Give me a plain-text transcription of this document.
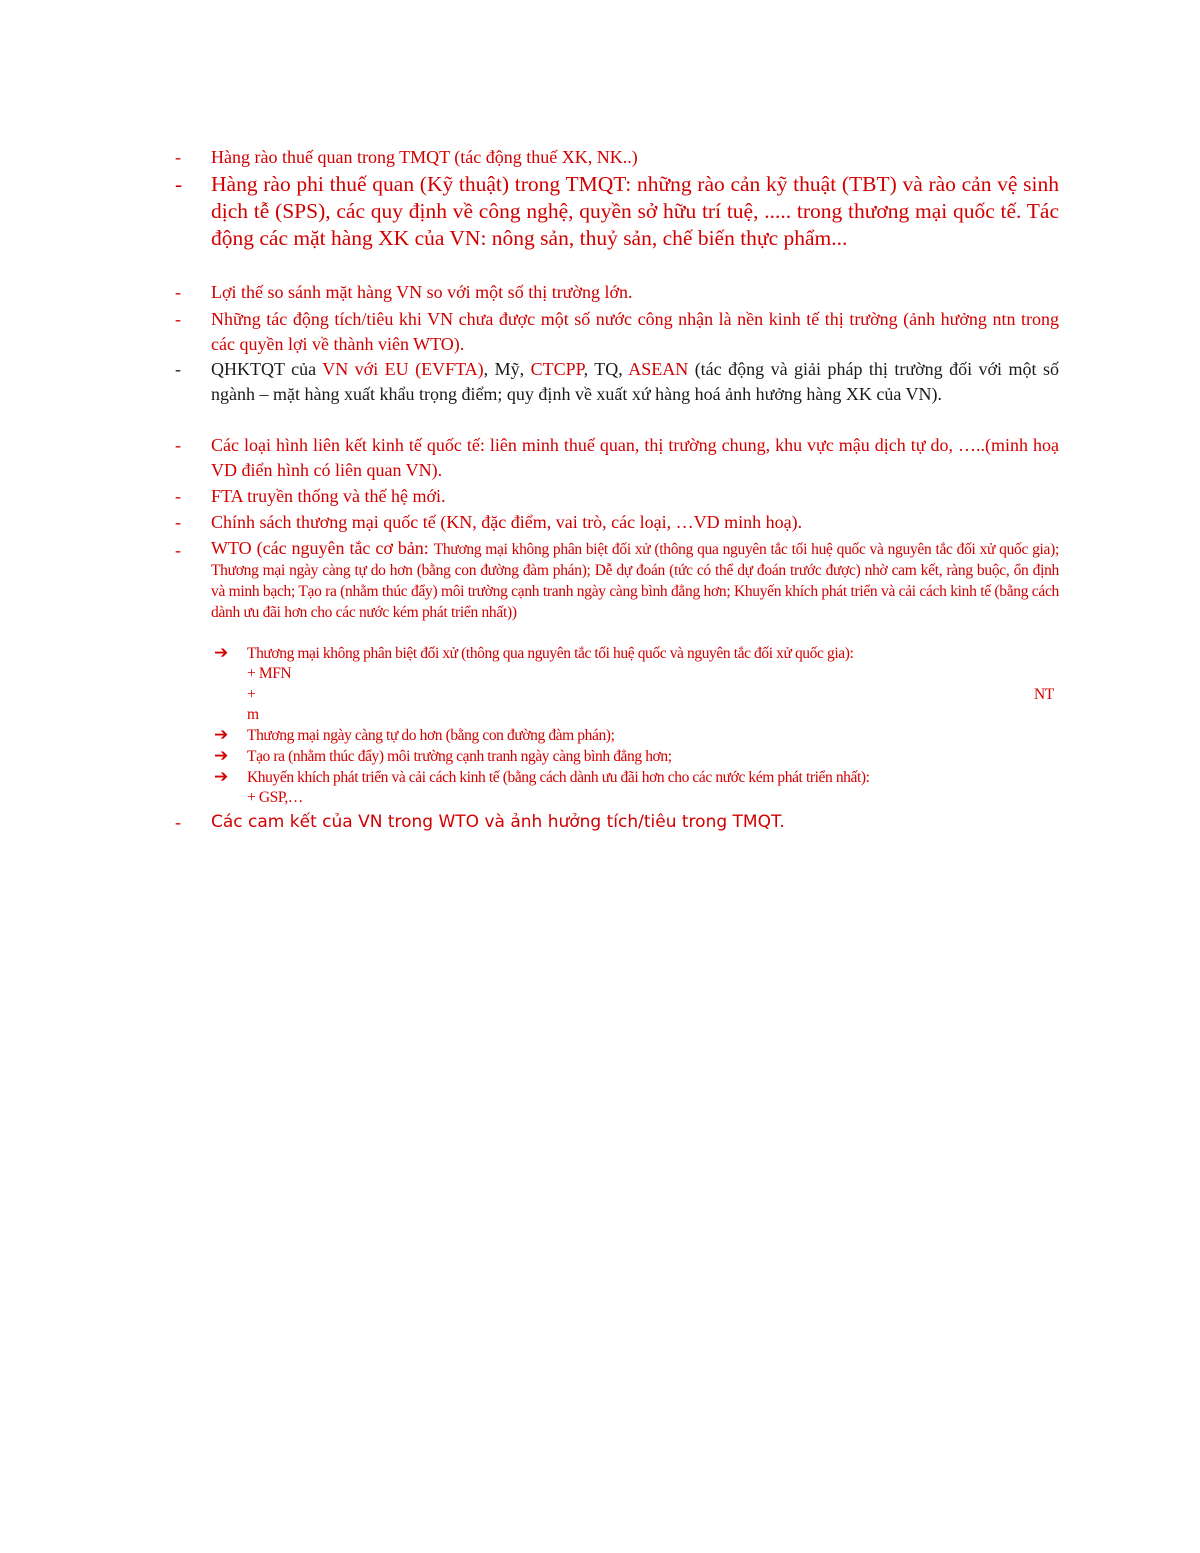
- Hàng rào thuế quan trong TMQT (tác động thuế XK, NK..)
- Hàng rào phi thuế quan (Kỹ thuật) trong TMQT: những rào cản kỹ thuật (TBT) và rào cản vệ sinh dịch tễ (SPS), các quy định về công nghệ, quyền sở hữu trí tuệ, ..... trong thương mại quốc tế. Tác động các mặt hàng XK của VN: nông sản, thuỷ sản, chế biến thực phẩm...
- Lợi thế so sánh mặt hàng VN so với một số thị trường lớn.
- Những tác động tích/tiêu khi VN chưa được một số nước công nhận là nền kinh tế thị trường (ảnh hưởng ntn trong các quyền lợi về thành viên WTO).
- QHKTQT của VN với EU (EVFTA), Mỹ, CTCPP, TQ, ASEAN (tác động và giải pháp thị trường đối với một số ngành – mặt hàng xuất khẩu trọng điểm; quy định về xuất xứ hàng hoá ảnh hưởng hàng XK của VN).
- Các loại hình liên kết kinh tế quốc tế: liên minh thuế quan, thị trường chung, khu vực mậu dịch tự do, …..(minh hoạ VD điển hình có liên quan VN).
- FTA truyền thống và thế hệ mới.
- Chính sách thương mại quốc tế (KN, đặc điểm, vai trò, các loại, …VD minh hoạ).
- WTO (các nguyên tắc cơ bản: Thương mại không phân biệt đối xử (thông qua nguyên tắc tối huệ quốc và nguyên tắc đối xử quốc gia); Thương mại ngày càng tự do hơn (bằng con đường đàm phán); Dễ dự đoán (tức có thể dự đoán trước được) nhờ cam kết, ràng buộc, ổn định và minh bạch; Tạo ra (nhằm thúc đẩy) môi trường cạnh tranh ngày càng bình đẳng hơn; Khuyến khích phát triển và cải cách kinh tế (bằng cách dành ưu đãi hơn cho các nước kém phát triển nhất))
➔ Thương mại không phân biệt đối xử (thông qua nguyên tắc tối huệ quốc và nguyên tắc đối xử quốc gia):
+ MFN
+	NT
m
➔ Thương mại ngày càng tự do hơn (bằng con đường đàm phán);
➔ Tạo ra (nhằm thúc đẩy) môi trường cạnh tranh ngày càng bình đẳng hơn;
➔ Khuyến khích phát triển và cải cách kinh tế (bằng cách dành ưu đãi hơn cho các nước kém phát triển nhất):
+ GSP,…
- Các cam kết của VN trong WTO và ảnh hưởng tích/tiêu trong TMQT.
